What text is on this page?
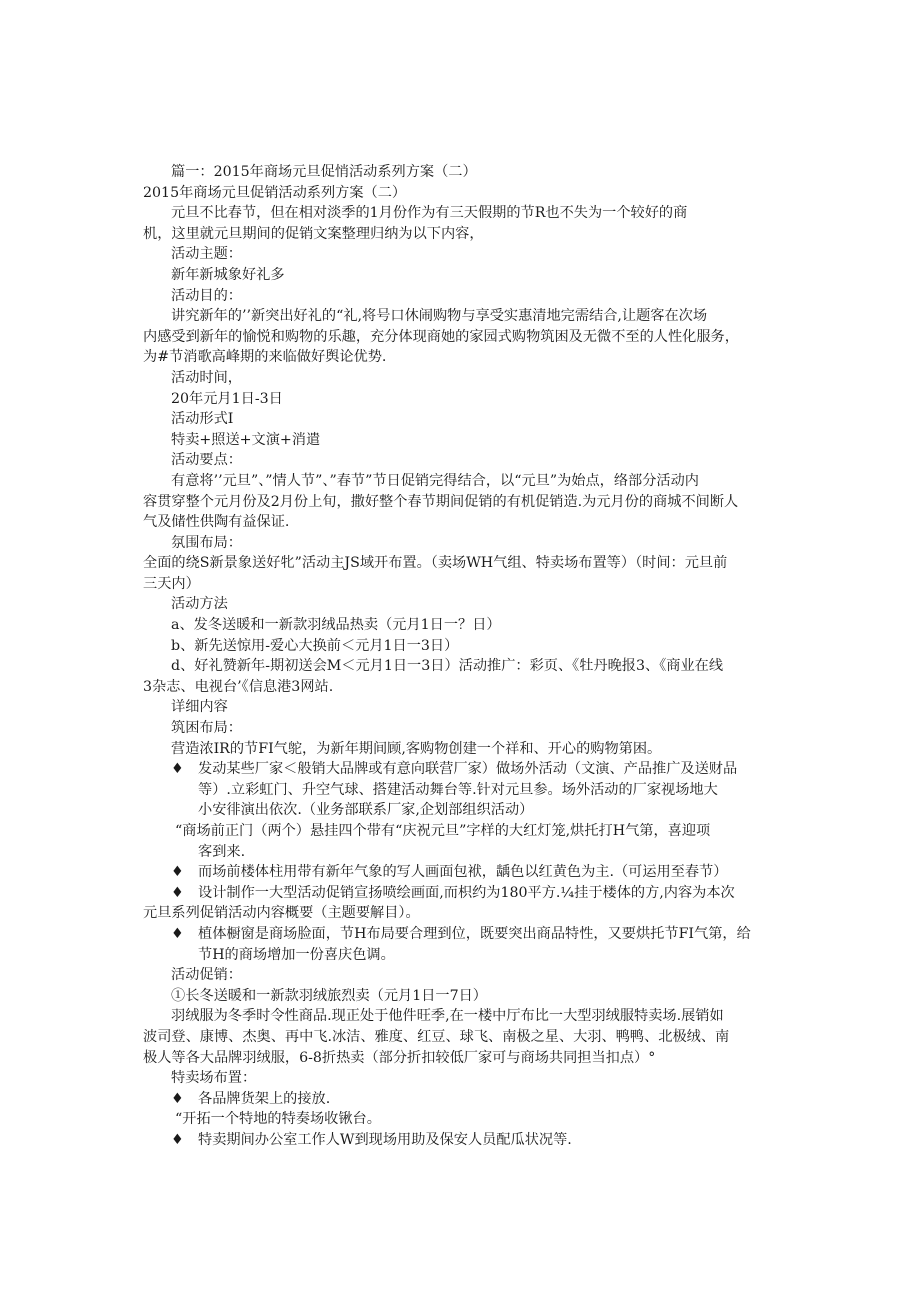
篇一：2015年商场元旦促悄活动系列方案（二）
2015年商场元旦促销活动系列方案（二）
元旦不比春节，但在相对淡季的1月份作为有三天假期的节R也不失为一个较好的商
机，这里就元旦期间的促销文案整理归纳为以下内容，
活动主题：
新年新城象好礼多
活动目的：
讲究新年的’’新突出好礼的“礼,将号口休闹购物与享受实惠清地完需结合,让题客在次场
内感受到新年的愉悦和购物的乐趣，充分体现商她的家园式购物筑困及无微不至的人性化服务，
为#节消歌高峰期的来临做好舆论优势.
活动时间，
20年元月1日-3日
活动形式I
特卖+照送+文演+消遣
活动要点：
有意将’’元旦”、”情人节”、”春节”节日促销完得结合，以“元旦”为始点，络部分活动内
容贯穿整个元月份及2月份上旬，撒好整个春节期间促销的有机促销造.为元月份的商城不间断人
气及储性供陶有益保证.
氛围布局：
全面的绕S新景象送好牝”活动主JS域开布置。（卖场WH气组、特卖场布置等）（时间：元旦前
三天内）
活动方法
a、发冬送暖和一新款羽绒品热卖（元月1日一？日）
b、新先送惊用-爱心大换前＜元月1日一3日）
d、好礼赞新年-期初送会M＜元月1日一3日）活动推广：彩页、《牡丹晚报3、《商业在线
3杂志、电视台’《信息港3网站.
详细内容
筑困布局：
营造浓IR的节FI气鸵，为新年期间顾,客购物创建一个祥和、开心的购物第困。
♦ 发动某些厂家＜般销大品牌或有意向联营厂家）做场外活动（文演、产品推广及送财品
等）.立彩虹门、升空气球、搭建活动舞台等.针对元旦参。场外活动的厂家视场地大
小安徘演出依次.（业务部联系厂家,企划部组织活动）
“商场前正门（两个）悬挂四个带有“庆祝元旦”字样的大红灯笼,烘托打H气第，喜迎项
客到来.
♦ 而场前楼体柱用带有新年气象的写人画面包袱，龋色以红黄色为主.（可运用至春节）
♦ 设计制作一大型活动促销宣扬喷绘画面,而枳约为180平方.¼挂于楼体的方,内容为本次
元旦系列促销活动内容概要（主题要解目）。
♦ 植体橱窗是商场脸面，节H布局要合理到位，既要突出商品特性，又要烘托节FI气第，给
节H的商场增加一份喜庆色调。
活动促销：
①长冬送暖和一新款羽绒旅烈卖（元月1日一7日）
羽绒服为冬季时令性商品.现正处于他件旺季,在一楼中厅布比一大型羽绒服特卖场.展销如
波司登、康博、杰奥、再中飞.冰洁、雅度、红豆、球飞、南极之星、大羽、鸭鸭、北极绒、南
极人等各大品牌羽绒服，6-8折热卖（部分折扣较低厂家可与商场共同担当扣点）°
特卖场布置：
♦ 各品牌货架上的接放.
“开拓一个特地的特奏场收锹台。
♦ 特卖期间办公室工作人W到现场用助及保安人员配瓜状况等.
